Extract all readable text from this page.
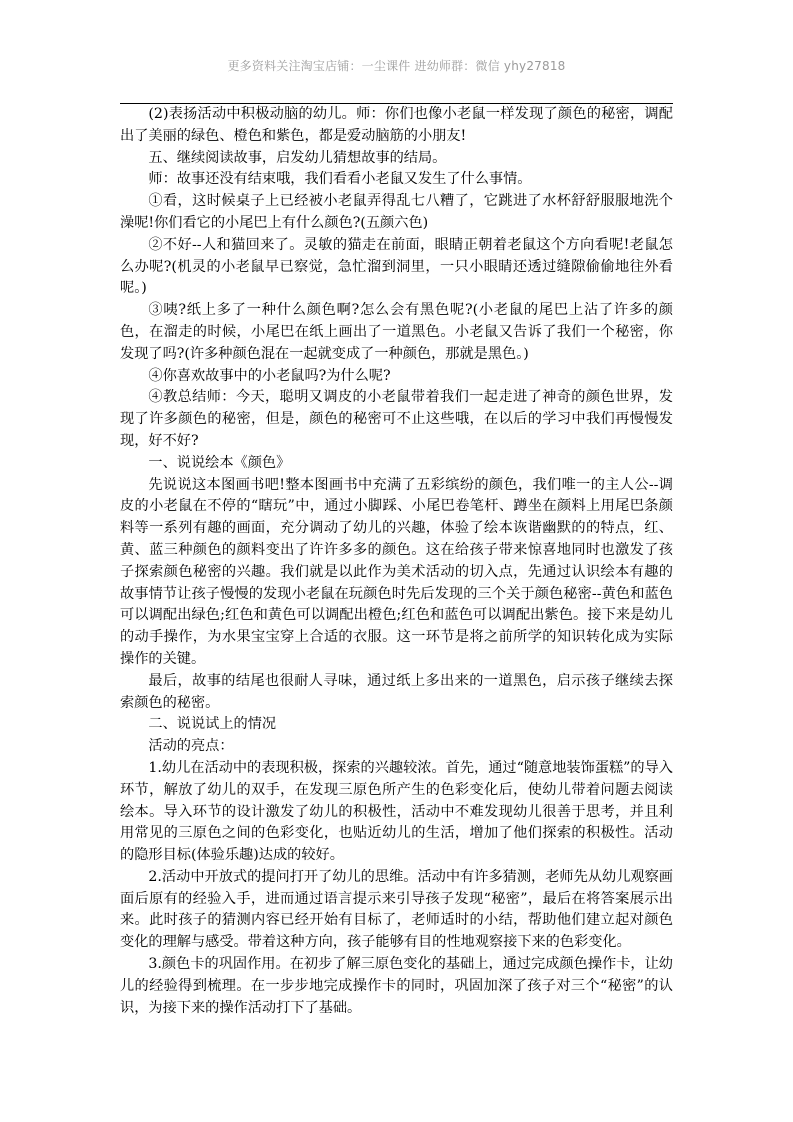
更多资料关注淘宝店铺：一尘课件 进幼师群：微信 yhy27818

(2)表扬活动中积极动脑的幼儿。师：你们也像小老鼠一样发现了颜色的秘密，调配出了美丽的绿色、橙色和紫色，都是爱动脑筋的小朋友!

五、继续阅读故事，启发幼儿猜想故事的结局。

师：故事还没有结束哦，我们看看小老鼠又发生了什么事情。

①看，这时候桌子上已经被小老鼠弄得乱七八糟了，它跳进了水杯舒舒服服地洗个澡呢!你们看它的小尾巴上有什么颜色?(五颜六色)

②不好--人和猫回来了。灵敏的猫走在前面，眼睛正朝着老鼠这个方向看呢!老鼠怎么办呢?(机灵的小老鼠早已察觉，急忙溜到洞里，一只小眼睛还透过缝隙偷偷地往外看呢。)

③咦?纸上多了一种什么颜色啊?怎么会有黑色呢?(小老鼠的尾巴上沾了许多的颜色，在溜走的时候，小尾巴在纸上画出了一道黑色。小老鼠又告诉了我们一个秘密，你发现了吗?(许多种颜色混在一起就变成了一种颜色，那就是黑色。)

④你喜欢故事中的小老鼠吗?为什么呢?

④教总结师：今天，聪明又调皮的小老鼠带着我们一起走进了神奇的颜色世界，发现了许多颜色的秘密，但是，颜色的秘密可不止这些哦，在以后的学习中我们再慢慢发现，好不好?

一、说说绘本《颜色》

先说说这本图画书吧!整本图画书中充满了五彩缤纷的颜色，我们唯一的主人公--调皮的小老鼠在不停的“瞎玩”中，通过小脚踩、小尾巴卷笔杆、蹲坐在颜料上用尾巴条颜料等一系列有趣的画面，充分调动了幼儿的兴趣，体验了绘本诙谐幽默的的特点，红、黄、蓝三种颜色的颜料变出了许许多多的颜色。这在给孩子带来惊喜地同时也激发了孩子探索颜色秘密的兴趣。我们就是以此作为美术活动的切入点，先通过认识绘本有趣的故事情节让孩子慢慢的发现小老鼠在玩颜色时先后发现的三个关于颜色秘密--黄色和蓝色可以调配出绿色;红色和黄色可以调配出橙色;红色和蓝色可以调配出紫色。接下来是幼儿的动手操作，为水果宝宝穿上合适的衣服。这一环节是将之前所学的知识转化成为实际操作的关键。

最后，故事的结尾也很耐人寻味，通过纸上多出来的一道黑色，启示孩子继续去探索颜色的秘密。

二、说说试上的情况

活动的亮点：

1.幼儿在活动中的表现积极，探索的兴趣较浓。首先，通过“随意地装饰蛋糕”的导入环节，解放了幼儿的双手，在发现三原色所产生的色彩变化后，使幼儿带着问题去阅读绘本。导入环节的设计激发了幼儿的积极性，活动中不难发现幼儿很善于思考，并且利用常见的三原色之间的色彩变化，也贴近幼儿的生活，增加了他们探索的积极性。活动的隐形目标(体验乐趣)达成的较好。

2.活动中开放式的提问打开了幼儿的思维。活动中有许多猜测，老师先从幼儿观察画面后原有的经验入手，进而通过语言提示来引导孩子发现“秘密”，最后在将答案展示出来。此时孩子的猜测内容已经开始有目标了，老师适时的小结，帮助他们建立起对颜色变化的理解与感受。带着这种方向，孩子能够有目的性地观察接下来的色彩变化。

3.颜色卡的巩固作用。在初步了解三原色变化的基础上，通过完成颜色操作卡，让幼儿的经验得到梳理。在一步步地完成操作卡的同时，巩固加深了孩子对三个“秘密”的认识，为接下来的操作活动打下了基础。
